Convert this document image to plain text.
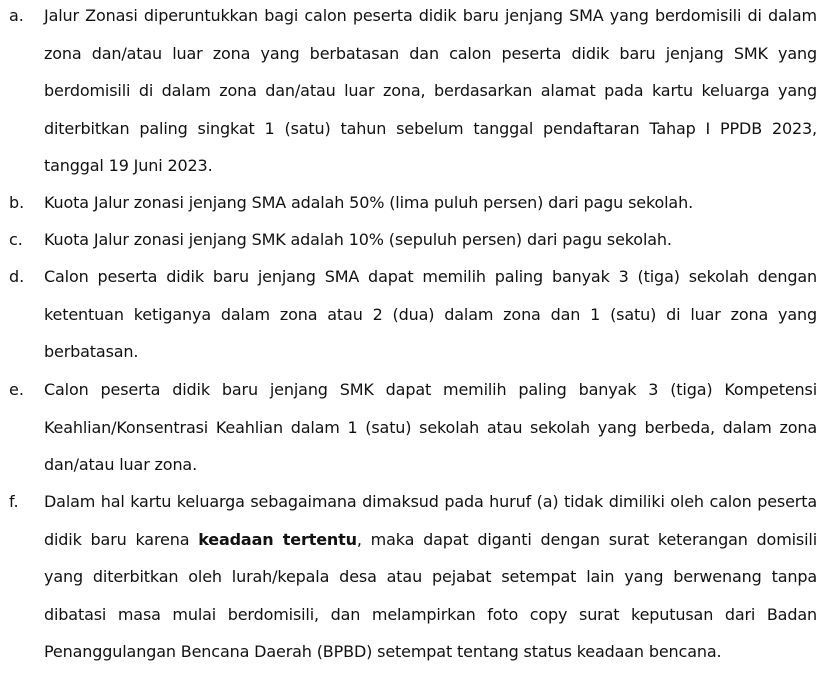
a. Jalur Zonasi diperuntukkan bagi calon peserta didik baru jenjang SMA yang berdomisili di dalam zona dan/atau luar zona yang berbatasan dan calon peserta didik baru jenjang SMK yang berdomisili di dalam zona dan/atau luar zona, berdasarkan alamat pada kartu keluarga yang diterbitkan paling singkat 1 (satu) tahun sebelum tanggal pendaftaran Tahap I PPDB 2023, tanggal 19 Juni 2023.
b. Kuota Jalur zonasi jenjang SMA adalah 50% (lima puluh persen) dari pagu sekolah.
c. Kuota Jalur zonasi jenjang SMK adalah 10% (sepuluh persen) dari pagu sekolah.
d. Calon peserta didik baru jenjang SMA dapat memilih paling banyak 3 (tiga) sekolah dengan ketentuan ketiganya dalam zona atau 2 (dua) dalam zona dan 1 (satu) di luar zona yang berbatasan.
e. Calon peserta didik baru jenjang SMK dapat memilih paling banyak 3 (tiga) Kompetensi Keahlian/Konsentrasi Keahlian dalam 1 (satu) sekolah atau sekolah yang berbeda, dalam zona dan/atau luar zona.
f. Dalam hal kartu keluarga sebagaimana dimaksud pada huruf (a) tidak dimiliki oleh calon peserta didik baru karena keadaan tertentu, maka dapat diganti dengan surat keterangan domisili yang diterbitkan oleh lurah/kepala desa atau pejabat setempat lain yang berwenang tanpa dibatasi masa mulai berdomisili, dan melampirkan foto copy surat keputusan dari Badan Penanggulangan Bencana Daerah (BPBD) setempat tentang status keadaan bencana.
